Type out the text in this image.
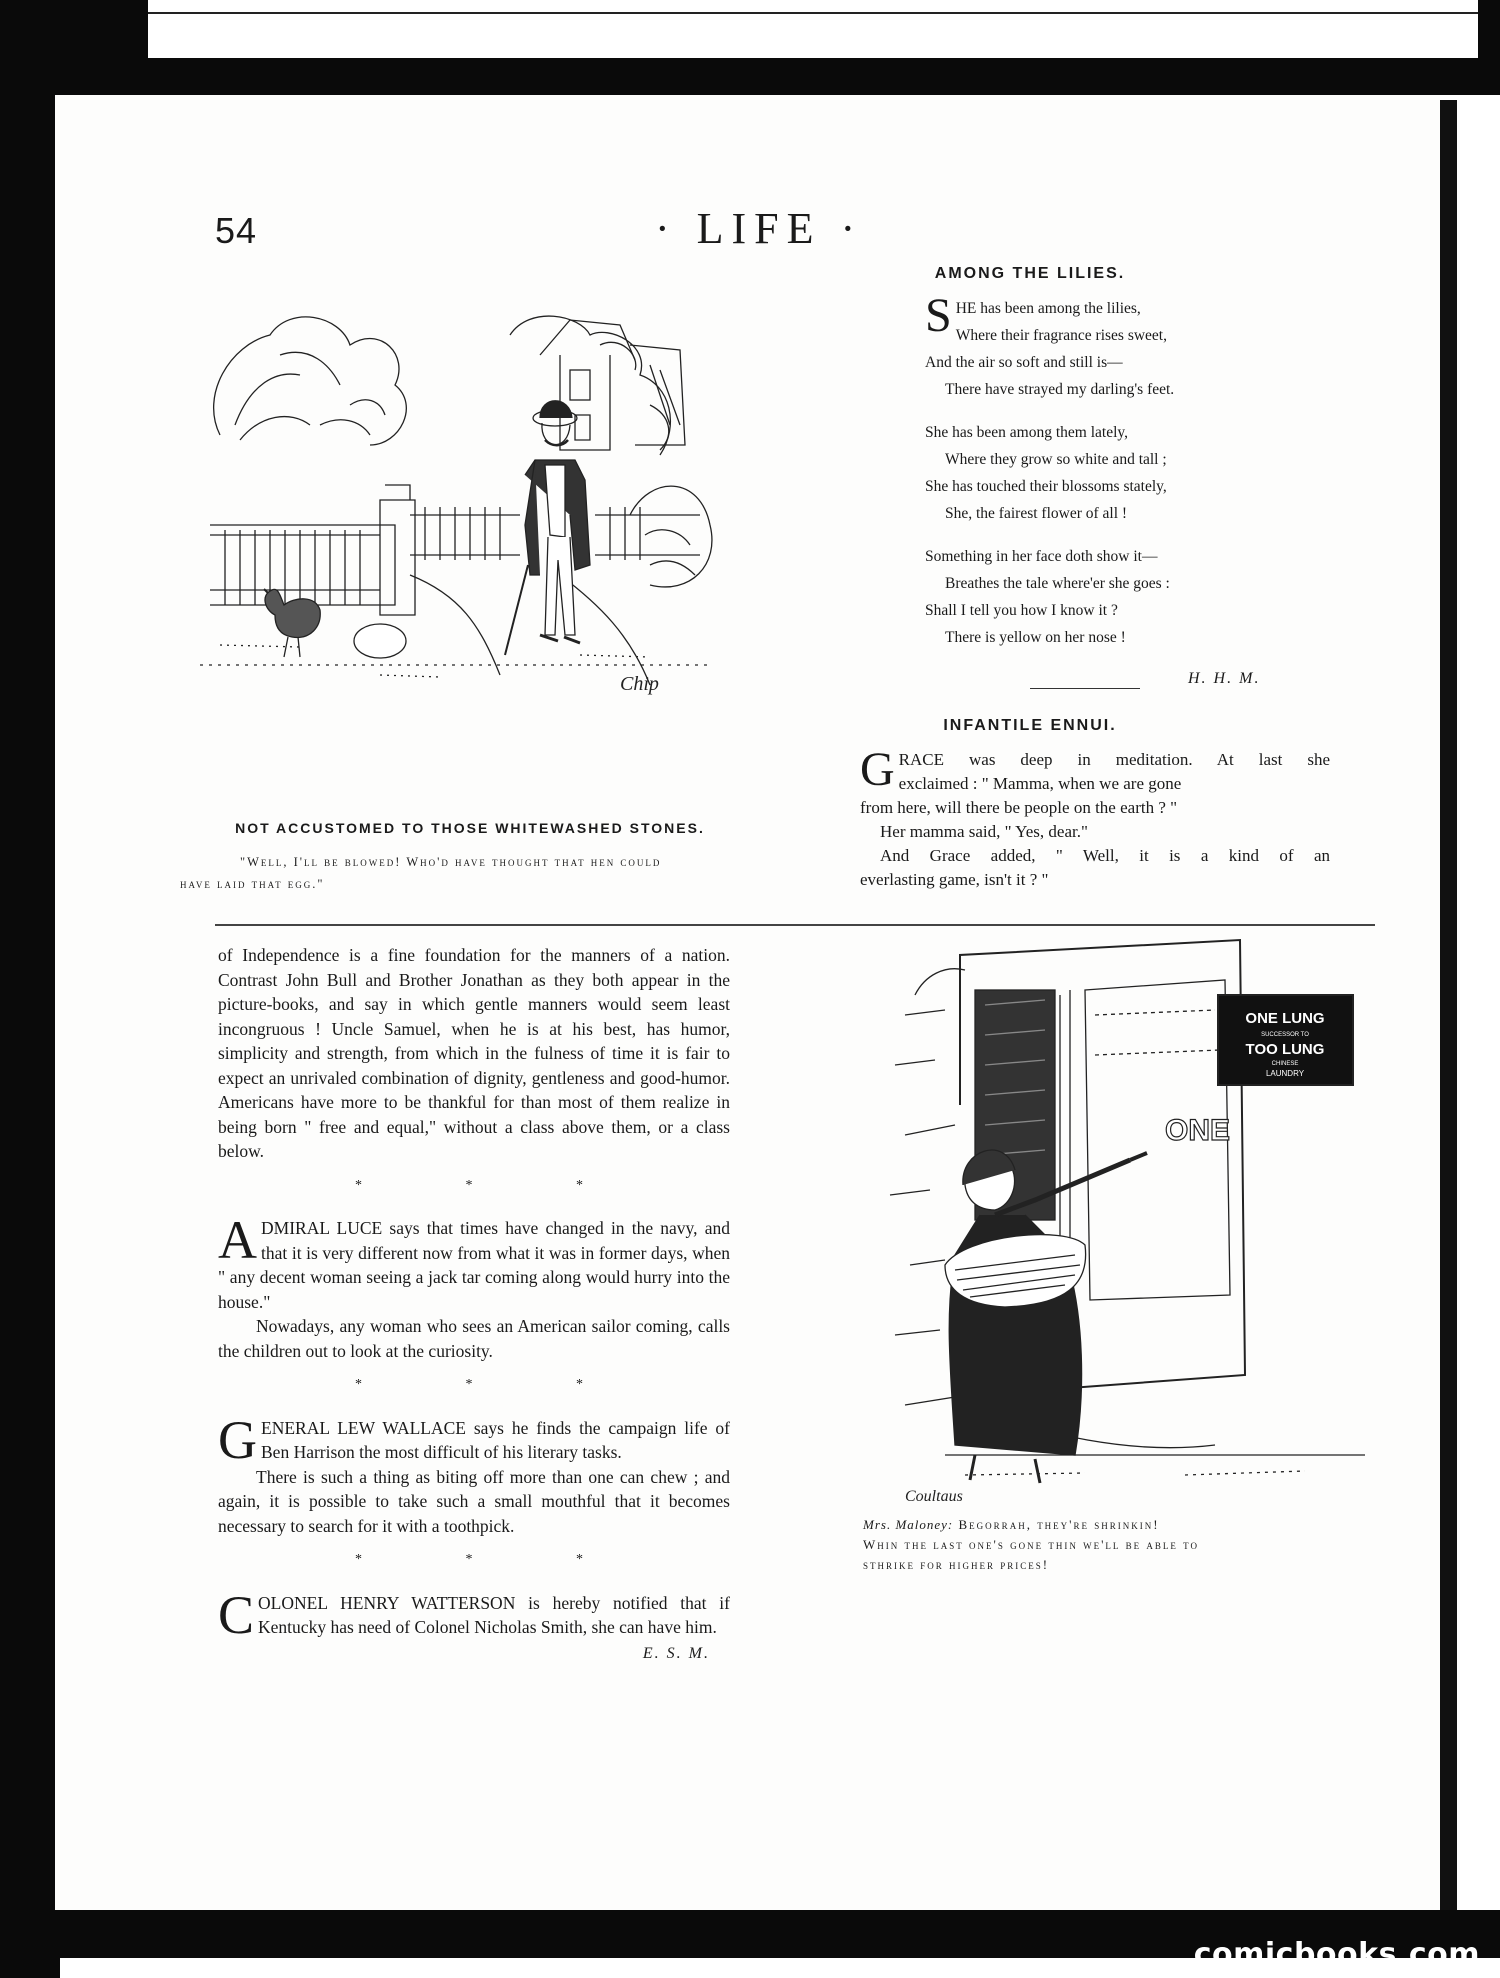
54	· LIFE ·
Chip
NOT ACCUSTOMED TO THOSE WHITEWASHED STONES.
"Well, I'll be blowed! Who'd have thought that hen could
have laid that egg."
AMONG THE LILIES.
S HE has been among the lilies,
Where their fragrance rises sweet,
And the air so soft and still is—
There have strayed my darling's feet.
She has been among them lately,
Where they grow so white and tall ;
She has touched their blossoms stately,
She, the fairest flower of all !
Something in her face doth show it—
Breathes the tale where'er she goes :
Shall I tell you how I know it ?
There is yellow on her nose !
H. H. M.
INFANTILE ENNUI.
G RACE was deep in meditation. At last she
exclaimed : " Mamma, when we are gone
from here, will there be people on the earth ? "
Her mamma said, " Yes, dear."
And Grace added, " Well, it is a kind of an
everlasting game, isn't it ? "

of Independence is a fine foundation for the manners of a nation. Contrast John Bull and Brother Jonathan as they both appear in the picture-books, and say in which gentle manners would seem least incongruous ! Uncle Samuel, when he is at his best, has humor, simplicity and strength, from which in the fulness of time it is fair to expect an unrivaled combination of dignity, gentleness and good-humor. Americans have more to be thankful for than most of them realize in being born " free and equal," without a class above them, or a class below.

* * *

A DMIRAL LUCE says that times have changed in the navy, and that it is very different now from what it was in former days, when " any decent woman seeing a jack tar coming along would hurry into the house."

Nowadays, any woman who sees an American sailor coming, calls the children out to look at the curiosity.

* * *

G ENERAL LEW WALLACE says he finds the campaign life of Ben Harrison the most difficult of his literary tasks.

There is such a thing as biting off more than one can chew ; and again, it is possible to take such a small mouthful that it becomes necessary to search for it with a toothpick.

* * *

C OLONEL HENRY WATTERSON is hereby notified that if Kentucky has need of Colonel Nicholas Smith, she can have him.

E. S. M.
ONE LUNG
SUCCESSOR TO
TOO LUNG
CHINESE
LAUNDRY
ONE
Coultaus
Mrs. Maloney: Begorrah, they're shrinkin!
Whin the last one's gone thin we'll be able to
sthrike for higher prices!
comicbooks.com
